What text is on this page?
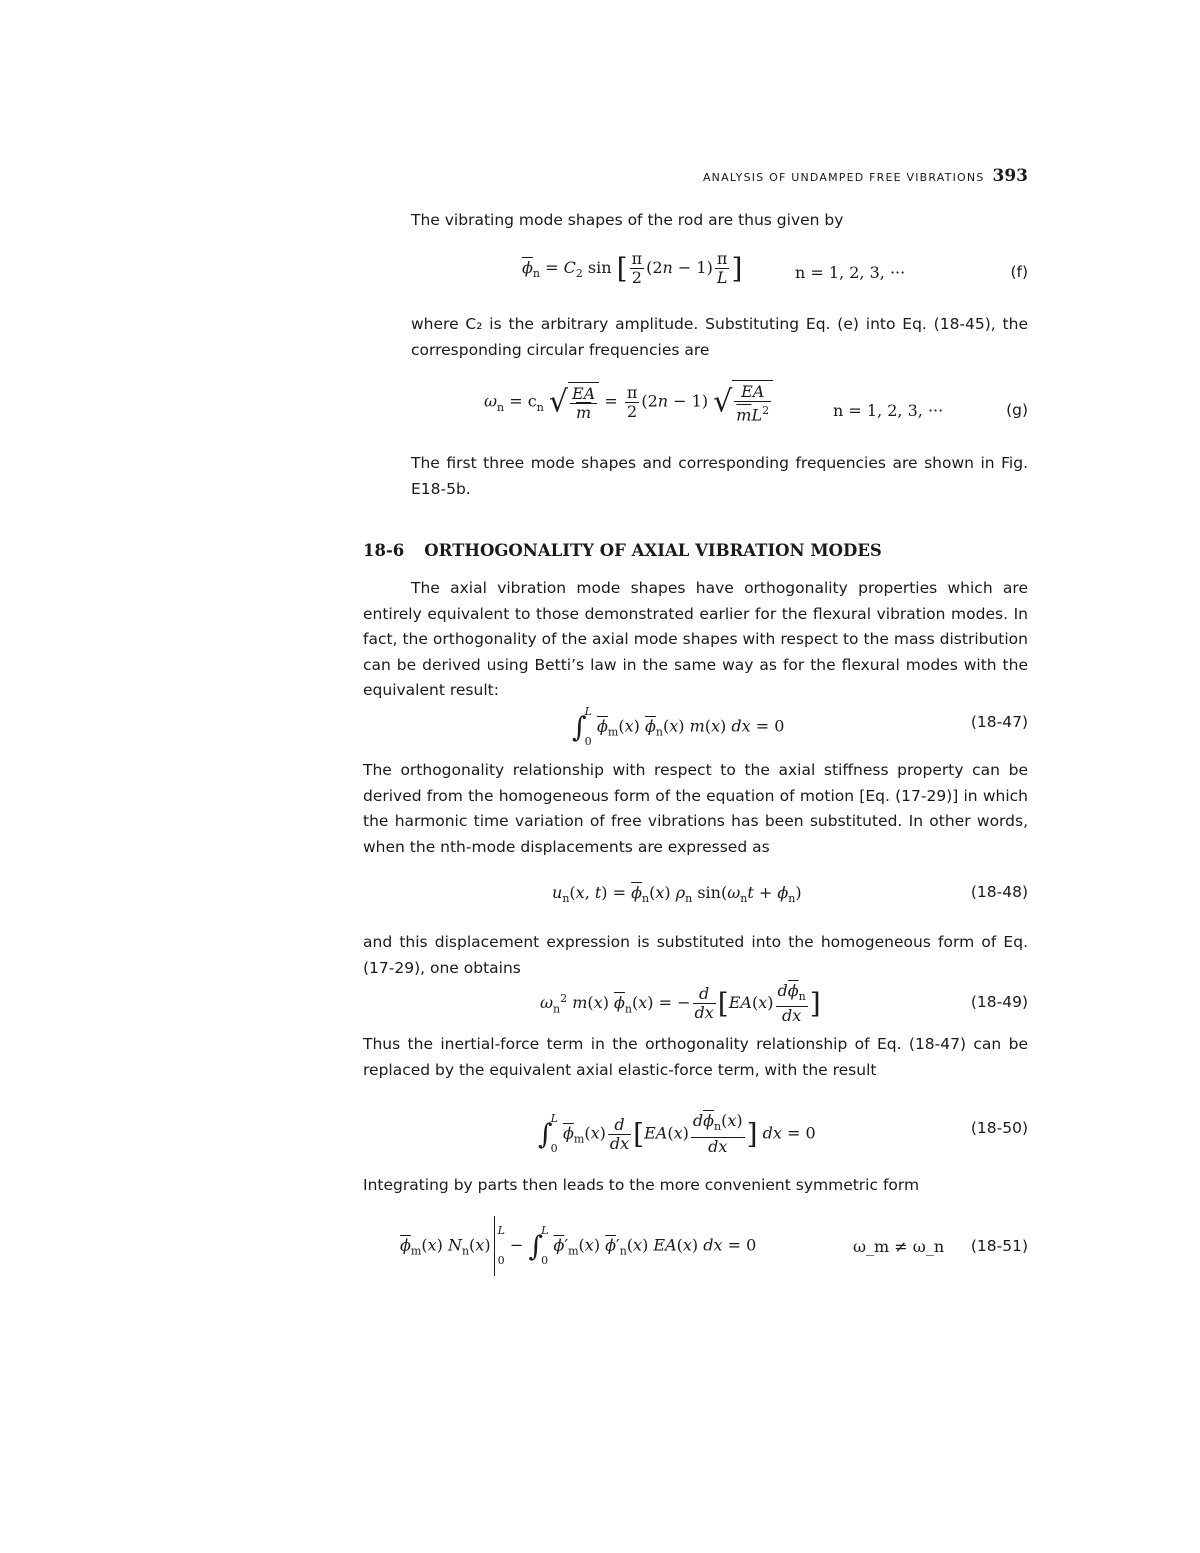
ANALYSIS OF UNDAMPED FREE VIBRATIONS 393
The vibrating mode shapes of the rod are thus given by
$\overline{\phi}_n = C_2$ sin [ $\frac{\pi}{2} (2n - 1) \frac{\pi}{L}$ ]	n = 1, 2, 3, ···	(f)
where C₂ is the arbitrary amplitude. Substituting Eq. (e) into Eq. (18-45), the corresponding circular frequencies are
$\omega_n = c_n$ √ $\frac{EA}{m} = \frac{\pi}{2} (2n - 1)$ √ $\frac{EA}{\overline{m}L^2}$	n = 1, 2, 3, ···	(g)
The first three mode shapes and corresponding frequencies are shown in Fig. E18-5b.
18-6 ORTHOGONALITY OF AXIAL VIBRATION MODES
The axial vibration mode shapes have orthogonality properties which are entirely equivalent to those demonstrated earlier for the flexural vibration modes. In fact, the orthogonality of the axial mode shapes with respect to the mass distribution can be derived using Betti’s law in the same way as for the flexural modes with the equivalent result:
∫
L
0
$\overline{\phi}_m(x)$ $\overline{\phi}_n(x)$ m(x) dx = 0	(18-47)
The orthogonality relationship with respect to the axial stiffness property can be derived from the homogeneous form of the equation of motion [Eq. (17-29)] in which the harmonic time variation of free vibrations has been substituted. In other words, when the nth-mode displacements are expressed as
$u_n(x$, $t) = \overline{\phi}_n(x)$ $\rho_n$ $\sin(\omega_nt + \phi_n)$	(18-48)
and this displacement expression is substituted into the homogeneous form of Eq. (17-29), one obtains
$\omega_n^2$ m(x) $\overline{\phi}_n(x)$ = − $\frac{d}{dx} [EA(x) \frac{d\overline{\phi}_n}{dx}$ ]	(18-49)
Thus the inertial-force term in the orthogonality relationship of Eq. (18-47) can be replaced by the equivalent axial elastic-force term, with the result
∫
L
0
$\overline{\phi}_m(x) \frac{d}{dx} [EA(x) \frac{d\overline{\phi}_n(x)}{dx}$ ] dx = 0	(18-50)
Integrating by parts then leads to the more convenient symmetric form
$\overline{\phi}_m(x)$ $N_n(x)$
L
0
− ∫
L
0
$\overline{\phi}'_m(x)$ $\overline{\phi}'_n(x)$ EA(x) dx = 0	ω_m ≠ ω_n (18-51)
